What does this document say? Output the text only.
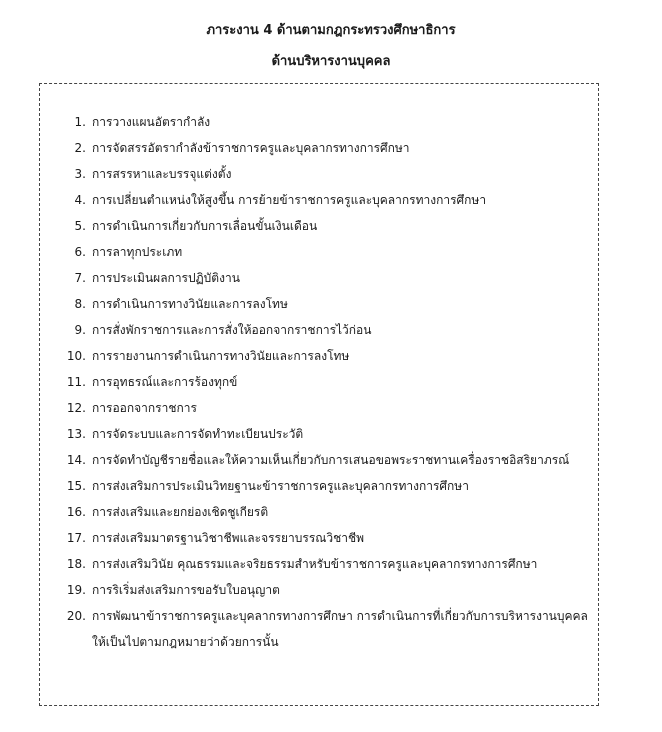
ภาระงาน 4 ด้านตามกฎกระทรวงศึกษาธิการ
ด้านบริหารงานบุคคล
1. การวางแผนอัตรากำลัง
2. การจัดสรรอัตรากำลังข้าราชการครูและบุคลากรทางการศึกษา
3. การสรรหาและบรรจุแต่งตั้ง
4. การเปลี่ยนตำแหน่งให้สูงขึ้น การย้ายข้าราชการครูและบุคลากรทางการศึกษา
5. การดำเนินการเกี่ยวกับการเลื่อนขั้นเงินเดือน
6. การลาทุกประเภท
7. การประเมินผลการปฏิบัติงาน
8. การดำเนินการทางวินัยและการลงโทษ
9. การสั่งพักราชการและการสั่งให้ออกจากราชการไว้ก่อน
10. การรายงานการดำเนินการทางวินัยและการลงโทษ
11. การอุทธรณ์และการร้องทุกข์
12. การออกจากราชการ
13. การจัดระบบและการจัดทำทะเบียนประวัติ
14. การจัดทำบัญชีรายชื่อและให้ความเห็นเกี่ยวกับการเสนอขอพระราชทานเครื่องราชอิสริยาภรณ์
15. การส่งเสริมการประเมินวิทยฐานะข้าราชการครูและบุคลากรทางการศึกษา
16. การส่งเสริมและยกย่องเชิดชูเกียรติ
17. การส่งเสริมมาตรฐานวิชาชีพและจรรยาบรรณวิชาชีพ
18. การส่งเสริมวินัย คุณธรรมและจริยธรรมสำหรับข้าราชการครูและบุคลากรทางการศึกษา
19. การริเริ่มส่งเสริมการขอรับใบอนุญาต
20. การพัฒนาข้าราชการครูและบุคลากรทางการศึกษา การดำเนินการที่เกี่ยวกับการบริหารงานบุคคลให้เป็นไปตามกฎหมายว่าด้วยการนั้น
